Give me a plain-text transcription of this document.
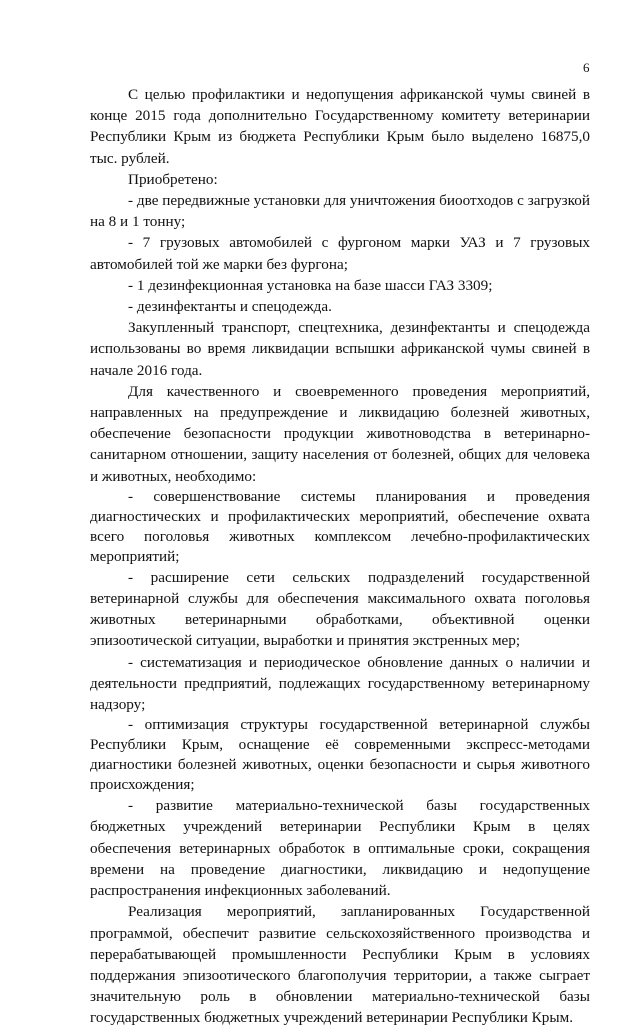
6

С целью профилактики и недопущения африканской чумы свиней в конце 2015 года дополнительно Государственному комитету ветеринарии Республики Крым из бюджета Республики Крым было выделено 16875,0 тыс. рублей.

Приобретено:

- две передвижные установки для уничтожения биоотходов с загрузкой на 8 и 1 тонну;

- 7 грузовых автомобилей с фургоном марки УАЗ и 7 грузовых автомобилей той же марки без фургона;

- 1 дезинфекционная установка на базе шасси ГАЗ 3309;

- дезинфектанты и спецодежда.

Закупленный транспорт, спецтехника, дезинфектанты и спецодежда использованы во время ликвидации вспышки африканской чумы свиней в начале 2016 года.

Для качественного и своевременного проведения мероприятий, направленных на предупреждение и ликвидацию болезней животных, обеспечение безопасности продукции животноводства в ветеринарно-санитарном отношении, защиту населения от болезней, общих для человека и животных, необходимо:

- совершенствование системы планирования и проведения диагностических и профилактических мероприятий, обеспечение охвата всего поголовья животных комплексом лечебно-профилактических мероприятий;

- расширение сети сельских подразделений государственной ветеринарной службы для обеспечения максимального охвата поголовья животных ветеринарными обработками, объективной оценки эпизоотической ситуации, выработки и принятия экстренных мер;

- систематизация и периодическое обновление данных о наличии и деятельности предприятий, подлежащих государственному ветеринарному надзору;

- оптимизация структуры государственной ветеринарной службы Республики Крым, оснащение её современными экспресс-методами диагностики болезней животных, оценки безопасности и сырья животного происхождения;

- развитие материально-технической базы государственных бюджетных учреждений ветеринарии Республики Крым в целях обеспечения ветеринарных обработок в оптимальные сроки, сокращения времени на проведение диагностики, ликвидацию и недопущение распространения инфекционных заболеваний.

Реализация мероприятий, запланированных Государственной программой, обеспечит развитие сельскохозяйственного производства и перерабатывающей промышленности Республики Крым в условиях поддержания эпизоотического благополучия территории, а также сыграет значительную роль в обновлении материально-технической базы государственных бюджетных учреждений ветеринарии Республики Крым.
